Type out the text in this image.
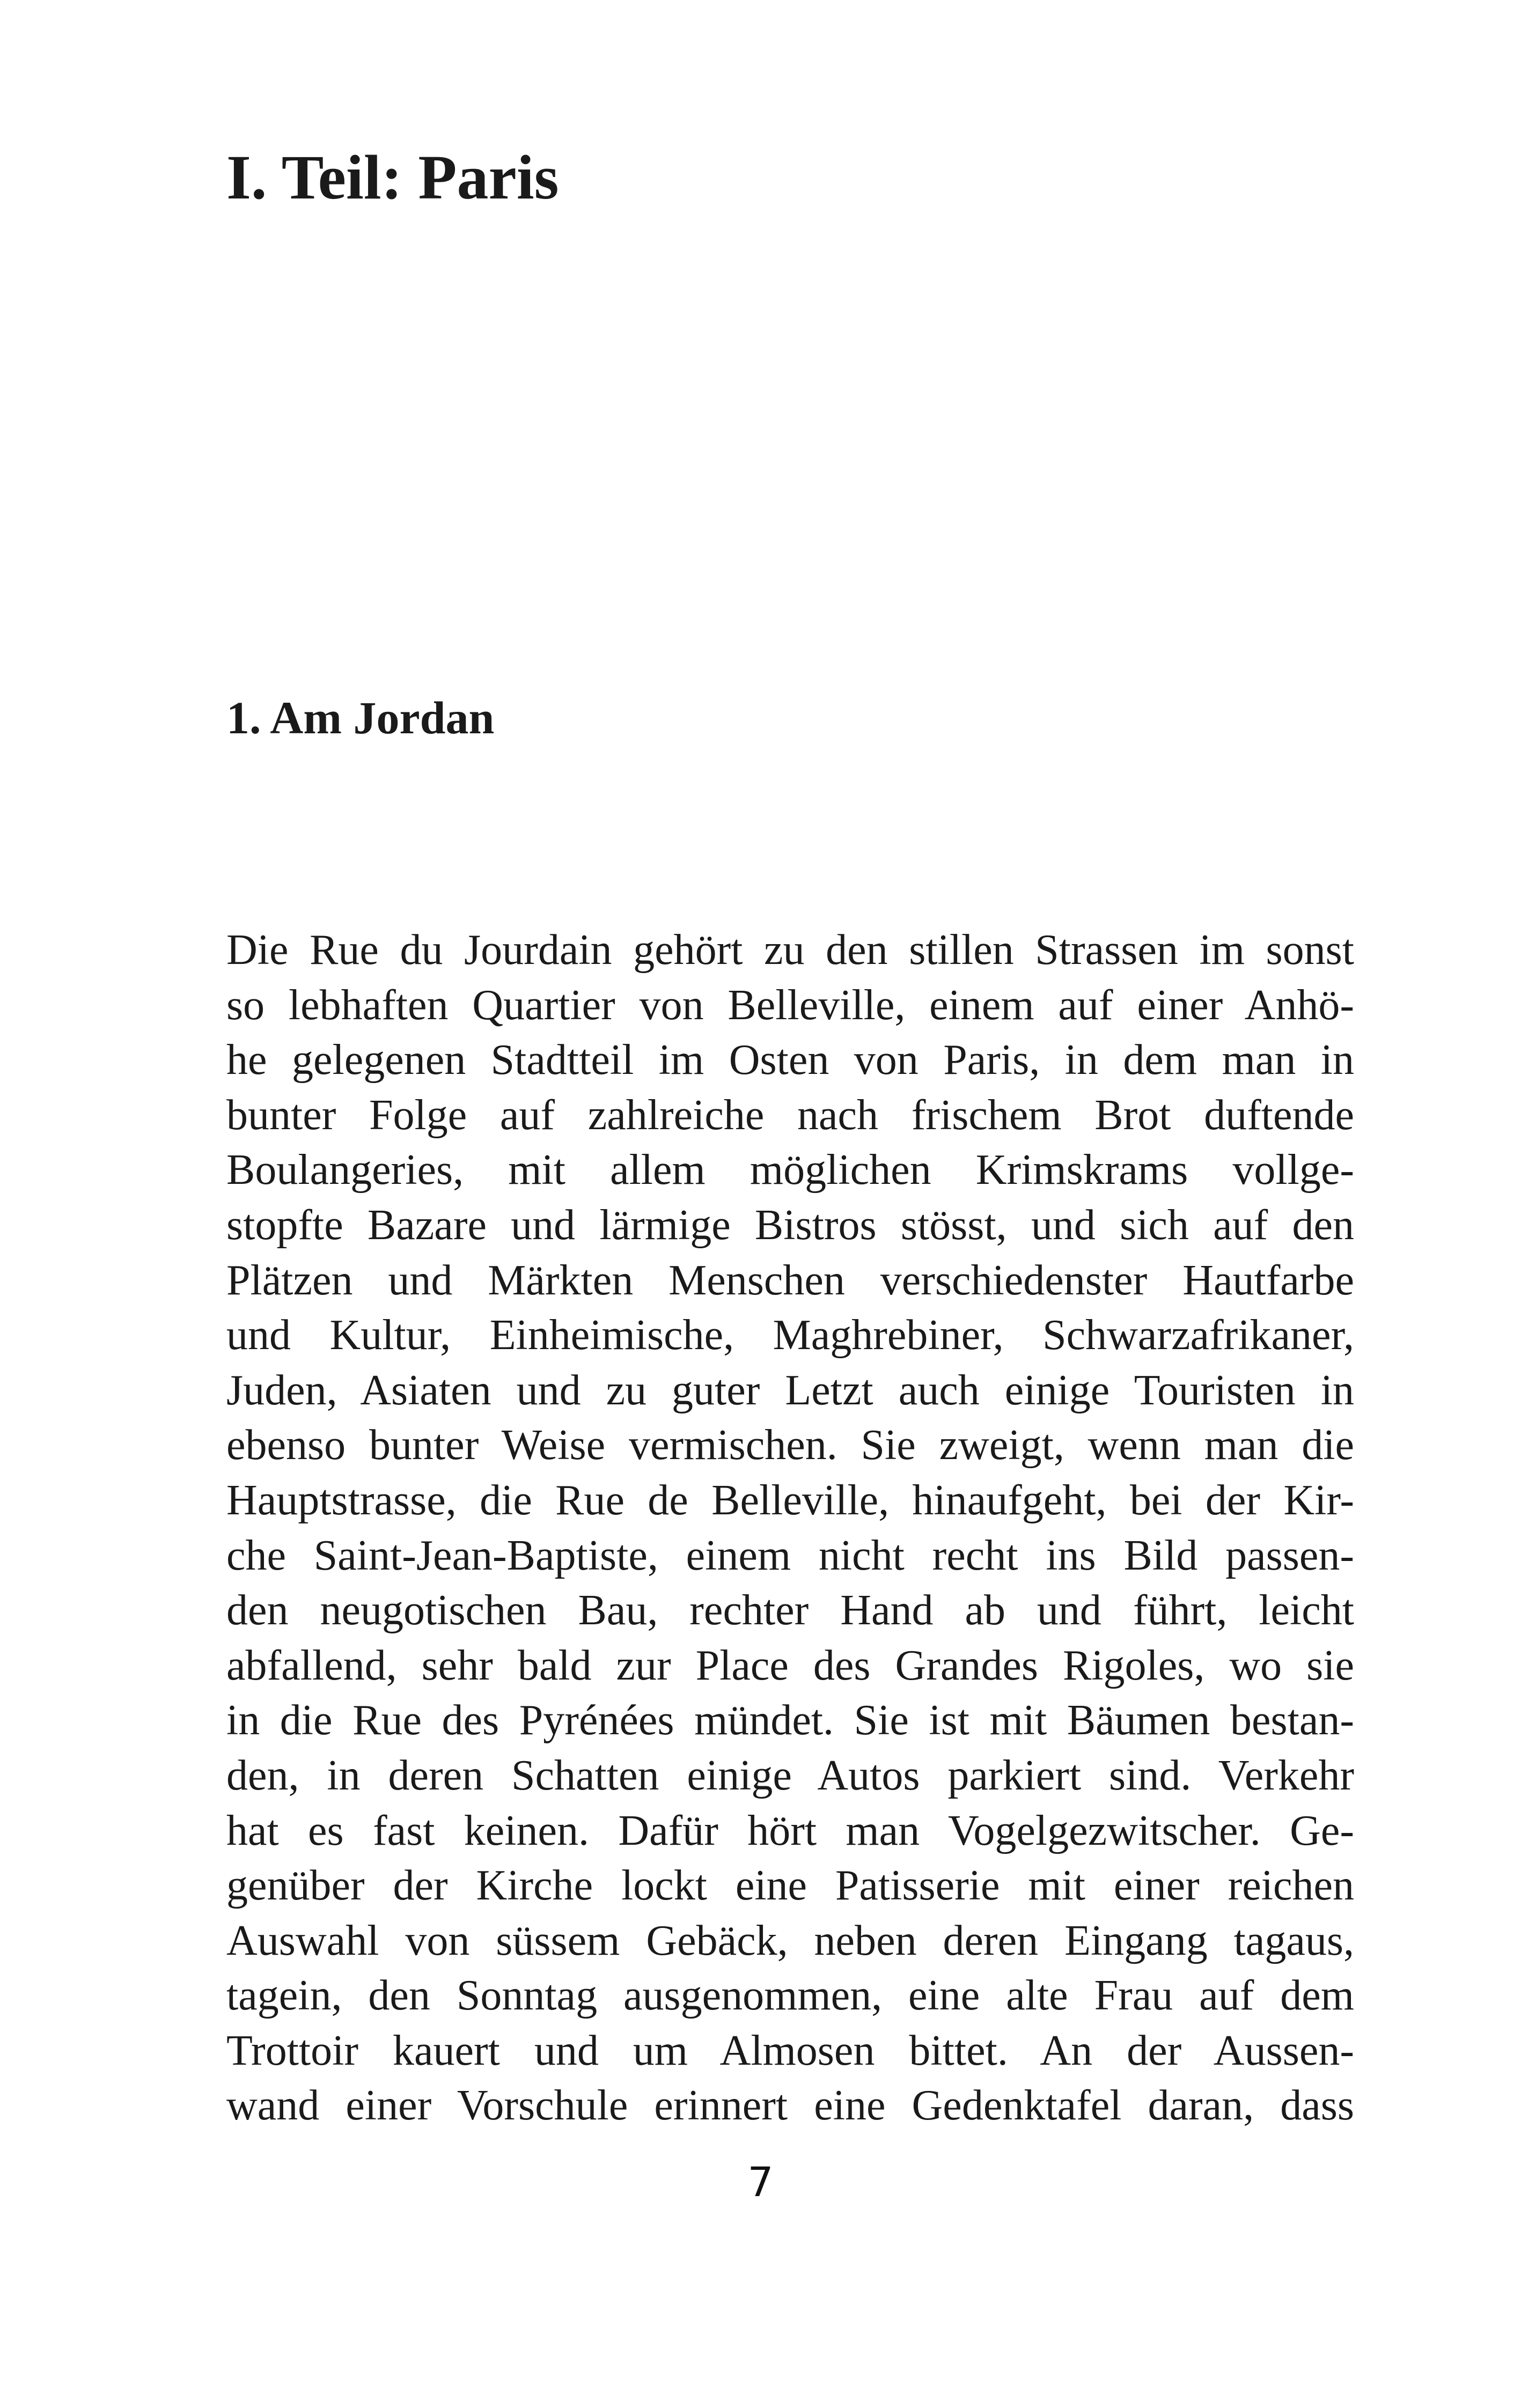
I. Teil: Paris
1. Am Jordan
Die Rue du Jourdain gehört zu den stillen Strassen im sonst
so lebhaften Quartier von Belleville, einem auf einer Anhö-
he gelegenen Stadtteil im Osten von Paris, in dem man in
bunter Folge auf zahlreiche nach frischem Brot duftende
Boulangeries, mit allem möglichen Krimskrams vollge-
stopfte Bazare und lärmige Bistros stösst, und sich auf den
Plätzen und Märkten Menschen verschiedenster Hautfarbe
und Kultur, Einheimische, Maghrebiner, Schwarzafrikaner,
Juden, Asiaten und zu guter Letzt auch einige Touristen in
ebenso bunter Weise vermischen. Sie zweigt, wenn man die
Hauptstrasse, die Rue de Belleville, hinaufgeht, bei der Kir-
che Saint-Jean-Baptiste, einem nicht recht ins Bild passen-
den neugotischen Bau, rechter Hand ab und führt, leicht
abfallend, sehr bald zur Place des Grandes Rigoles, wo sie
in die Rue des Pyrénées mündet. Sie ist mit Bäumen bestan-
den, in deren Schatten einige Autos parkiert sind. Verkehr
hat es fast keinen. Dafür hört man Vogelgezwitscher. Ge-
genüber der Kirche lockt eine Patisserie mit einer reichen
Auswahl von süssem Gebäck, neben deren Eingang tagaus,
tagein, den Sonntag ausgenommen, eine alte Frau auf dem
Trottoir kauert und um Almosen bittet. An der Aussen-
wand einer Vorschule erinnert eine Gedenktafel daran, dass
7
